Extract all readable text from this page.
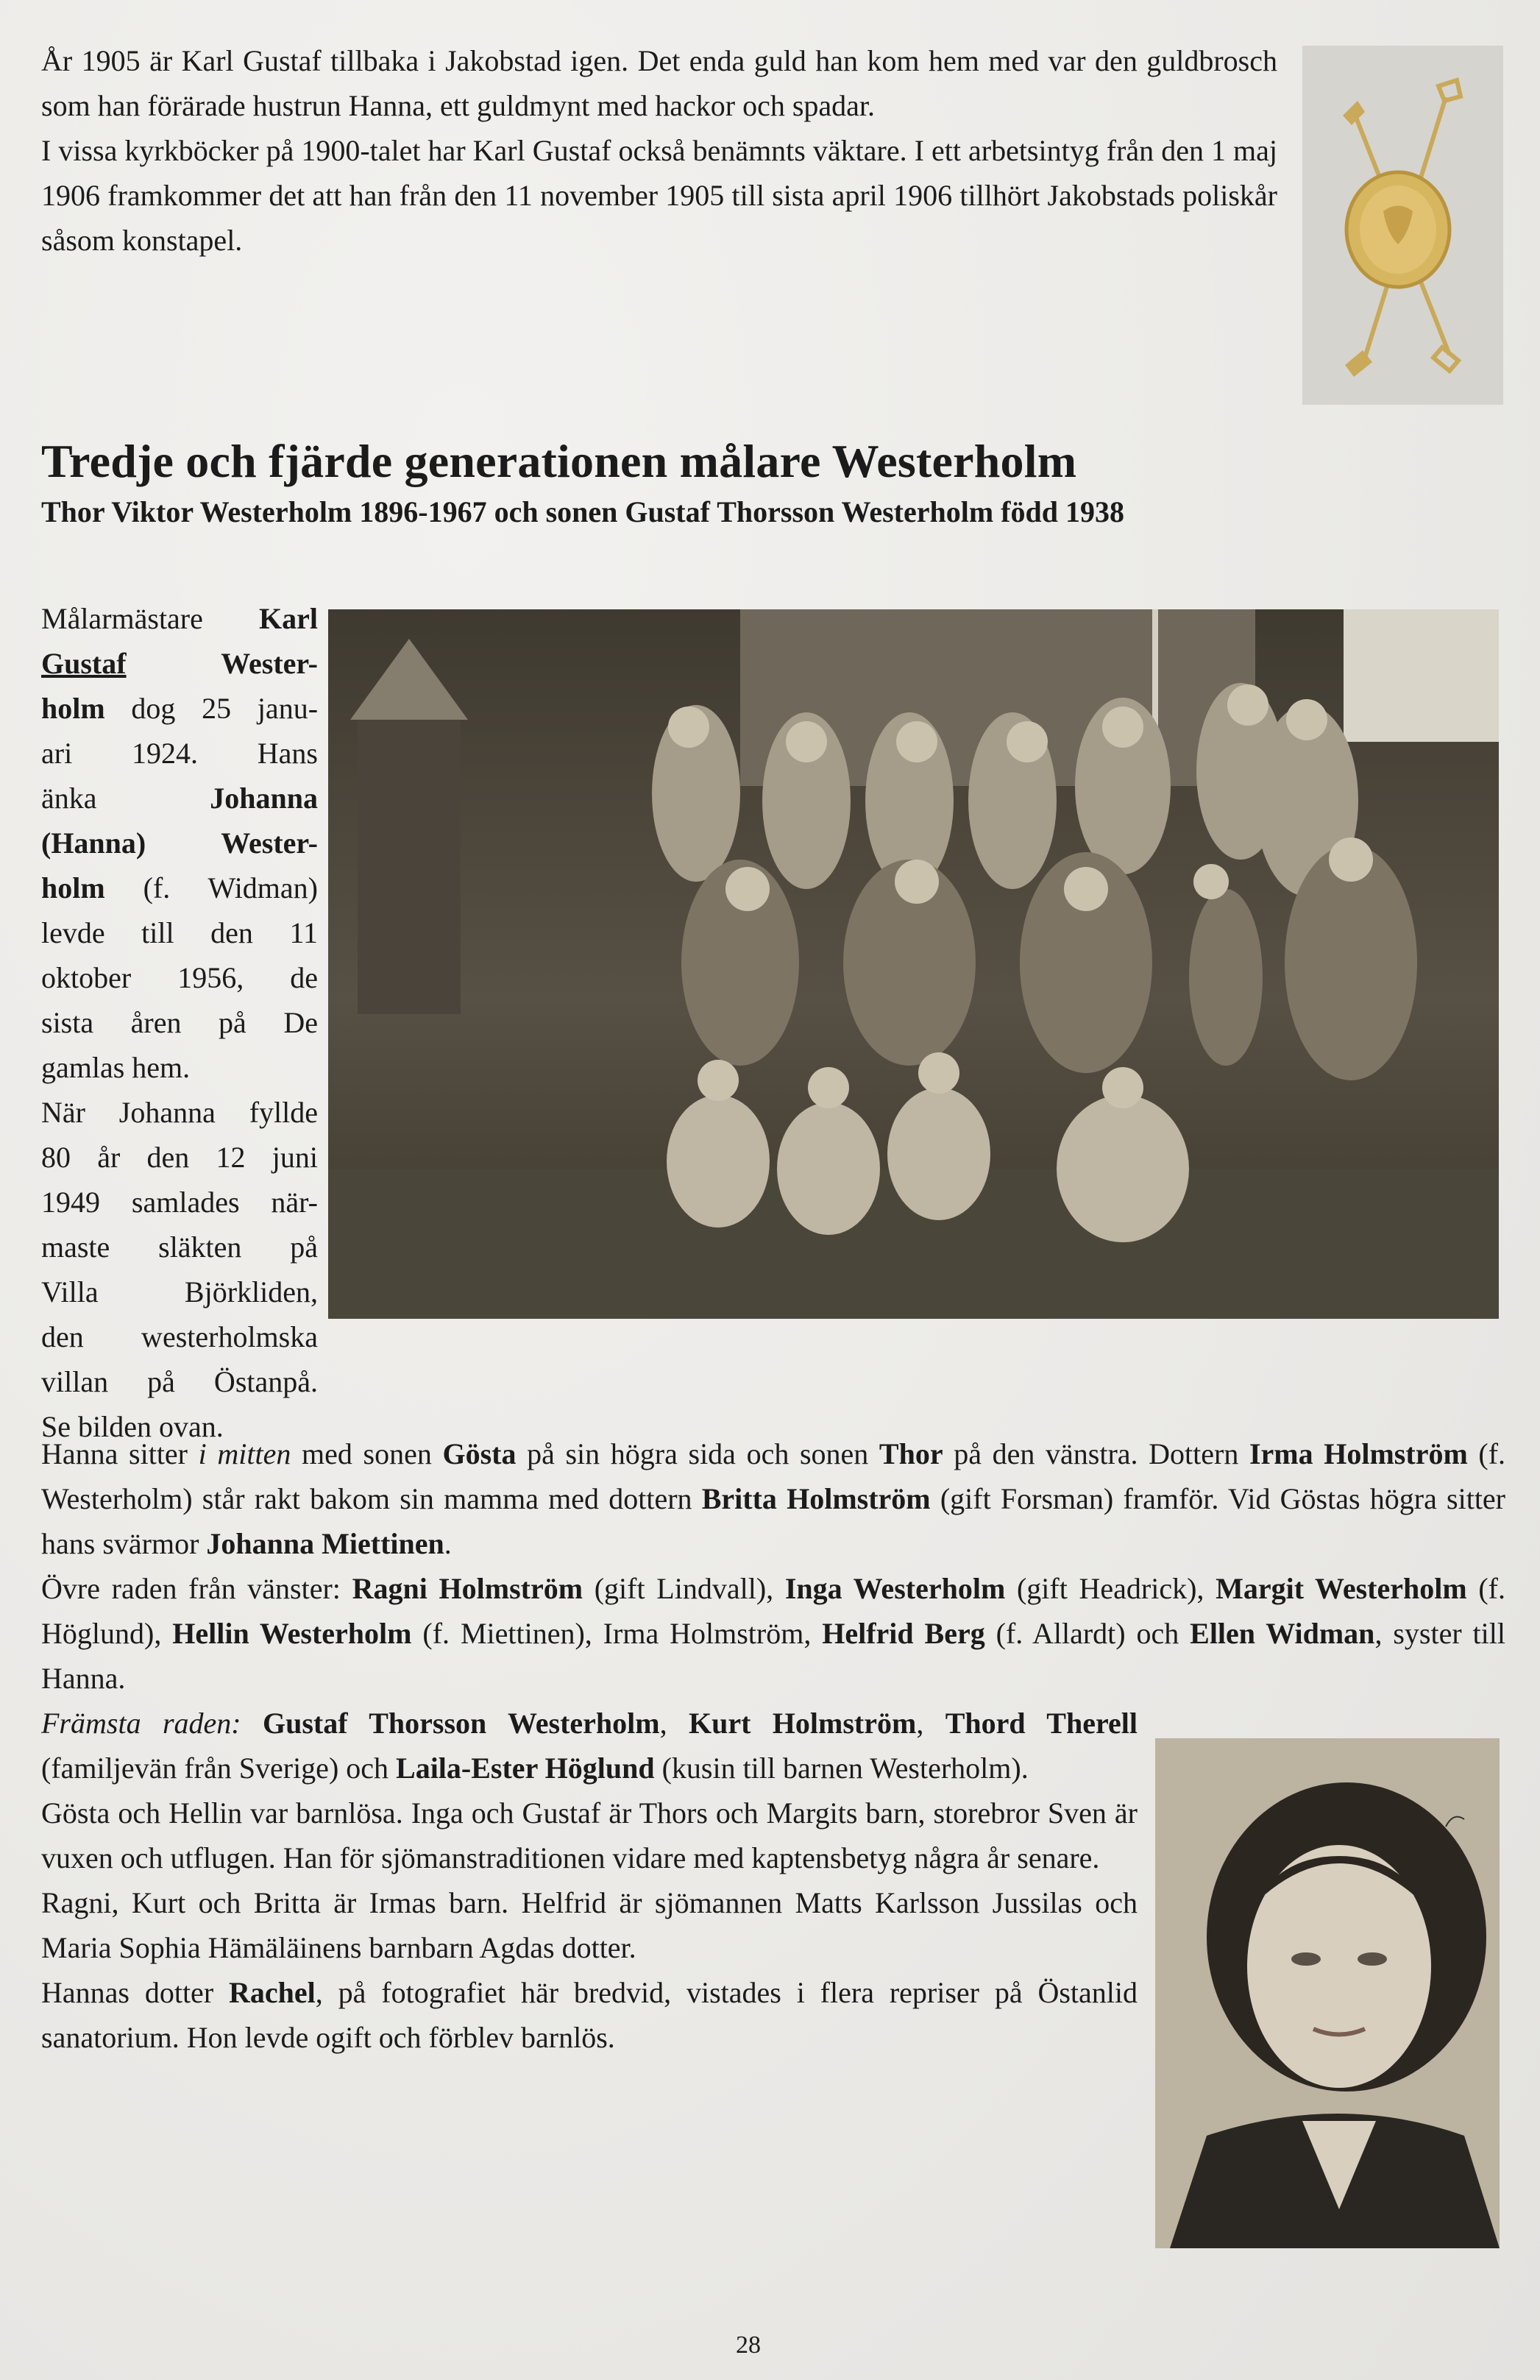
År 1905 är Karl Gustaf tillbaka i Jakobstad igen. Det enda guld han kom hem med var den guldbrosch som han förärade hustrun Hanna, ett guldmynt med hackor och spadar.

I vissa kyrkböcker på 1900-talet har Karl Gustaf också benämnts väktare. I ett arbetsintyg från den 1 maj 1906 framkommer det att han från den 11 november 1905 till sista april 1906 tillhört Jakobstads poliskår såsom konstapel.

Tredje och fjärde generationen målare Westerholm
Thor Viktor Westerholm 1896-1967 och sonen Gustaf Thorsson Westerholm född 1938
Målarmästare Karl
Gustaf	Wester-
holm dog 25 janu-
ari 1924. Hans
änka	Johanna
(Hanna) Wester-
holm (f. Widman)
levde till den 11
oktober 1956, de
sista åren på De
gamlas hem.
När Johanna fyllde
80 år den 12 juni
1949 samlades när-
maste släkten på
Villa Björkliden,
den westerholmska
villan på Östanpå.
Se bilden ovan.

Hanna sitter i mitten med sonen Gösta på sin högra sida och sonen Thor på den vänstra. Dottern Irma Holmström (f. Westerholm) står rakt bakom sin mamma med dottern Britta Holmström (gift Forsman) framför. Vid Göstas högra sitter hans svärmor Johanna Miettinen.

Övre raden från vänster: Ragni Holmström (gift Lindvall), Inga Westerholm (gift Headrick), Margit Westerholm (f. Höglund), Hellin Westerholm (f. Miettinen), Irma Holmström, Helfrid Berg (f. Allardt) och Ellen Widman, syster till Hanna.

Främsta raden: Gustaf Thorsson Westerholm, Kurt Holmström, Thord Therell (familjevän från Sverige) och Laila-Ester Höglund (kusin till barnen Westerholm).

Gösta och Hellin var barnlösa. Inga och Gustaf är Thors och Margits barn, storebror Sven är vuxen och utflugen. Han för sjömanstraditionen vidare med kaptensbetyg några år senare.

Ragni, Kurt och Britta är Irmas barn. Helfrid är sjömannen Matts Karlsson Jussilas och Maria Sophia Hämäläinens barnbarn Agdas dotter.

Hannas dotter Rachel, på fotografiet här bredvid, vistades i flera repriser på Östanlid sanatorium. Hon levde ogift och förblev barnlös.

28
